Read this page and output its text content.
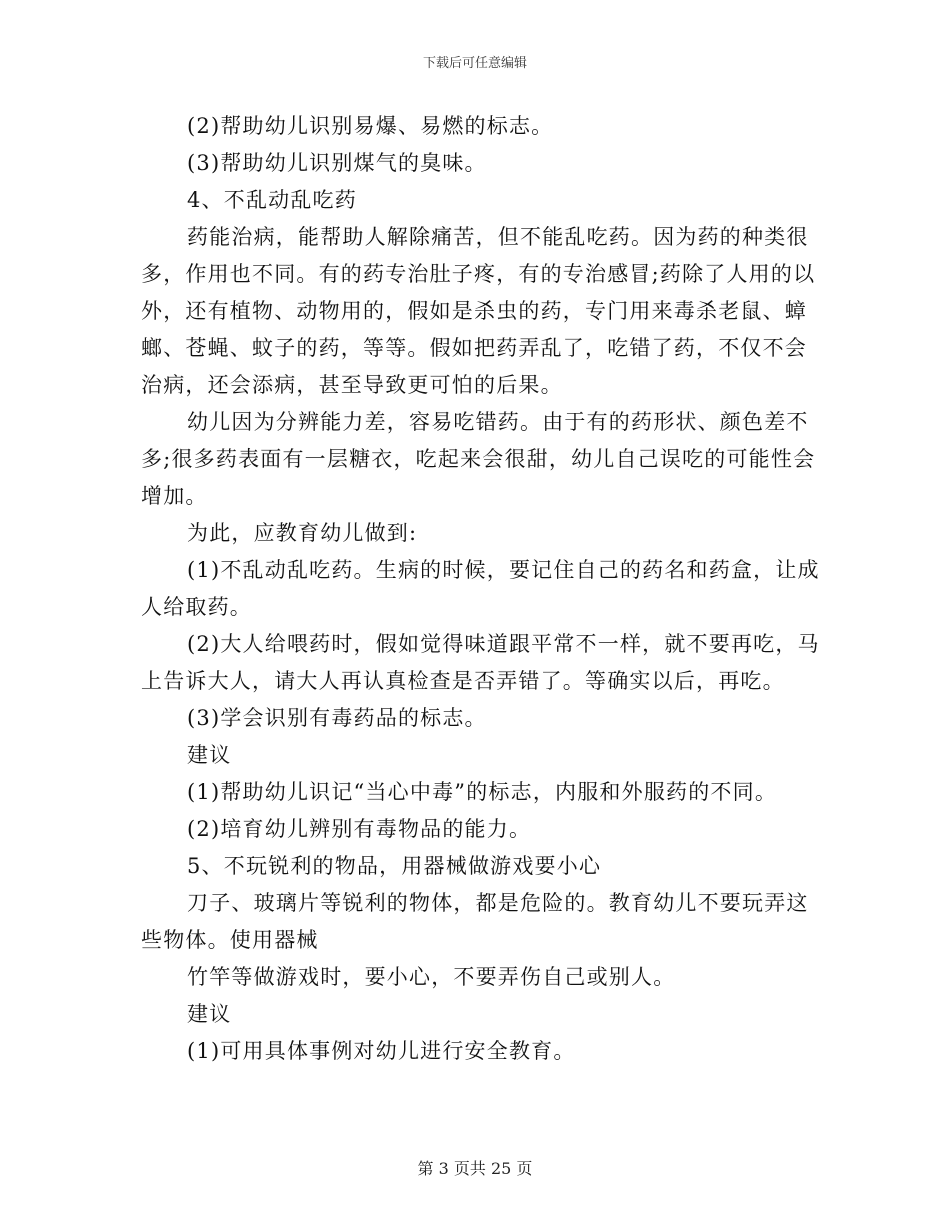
下载后可任意编辑
(2)帮助幼儿识别易爆、易燃的标志。
(3)帮助幼儿识别煤气的臭味。
4、不乱动乱吃药
药能治病，能帮助人解除痛苦，但不能乱吃药。因为药的种类很
多，作用也不同。有的药专治肚子疼，有的专治感冒;药除了人用的以
外，还有植物、动物用的，假如是杀虫的药，专门用来毒杀老鼠、蟑
螂、苍蝇、蚊子的药，等等。假如把药弄乱了，吃错了药，不仅不会
治病，还会添病，甚至导致更可怕的后果。
幼儿因为分辨能力差，容易吃错药。由于有的药形状、颜色差不
多;很多药表面有一层糖衣，吃起来会很甜，幼儿自己误吃的可能性会
增加。
为此，应教育幼儿做到:
(1)不乱动乱吃药。生病的时候，要记住自己的药名和药盒，让成
人给取药。
(2)大人给喂药时，假如觉得味道跟平常不一样，就不要再吃，马
上告诉大人，请大人再认真检查是否弄错了。等确实以后，再吃。
(3)学会识别有毒药品的标志。
建议
(1)帮助幼儿识记“当心中毒”的标志，内服和外服药的不同。
(2)培育幼儿辨别有毒物品的能力。
5、不玩锐利的物品，用器械做游戏要小心
刀子、玻璃片等锐利的物体，都是危险的。教育幼儿不要玩弄这
些物体。使用器械
竹竿等做游戏时，要小心，不要弄伤自己或别人。
建议
(1)可用具体事例对幼儿进行安全教育。
第 3 页共 25 页
